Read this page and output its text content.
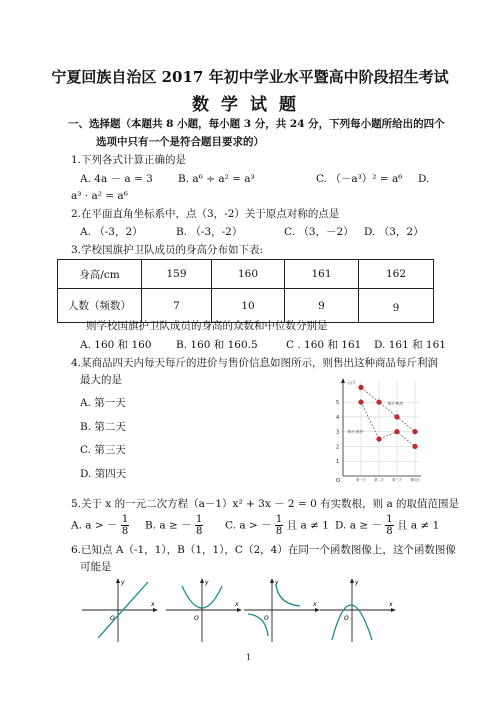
宁夏回族自治区 2017 年初中学业水平暨高中阶段招生考试
数学试题
一、选择题（本题共 8 小题，每小题 3 分，共 24 分，下列每小题所给出的四个
选项中只有一个是符合题目要求的）
1.下列各式计算正确的是
A. 4a － a = 3 B. a⁶ ÷ a² = a³	C. （－a³）² = a⁶ D.
a³ · a² = a⁶
2.在平面直角坐标系中，点（3，-2）关于原点对称的点是
A. （-3，2）	B. （-3，-2）	C. （3，－2） D. （3，2）
3.学校国旗护卫队成员的身高分布如下表:
身高/cm	159	160	161	162
人数（频数）	7	10	9	9
则学校国旗护卫队成员的身高的众数和中位数分别是
A. 160 和 160 B. 160 和 160.5	C . 160 和 161 D. 161 和 161
4.某商品四天内每天每斤的进价与售价信息如图所示，则售出这种商品每斤利润
最大的是
A. 第一天
B. 第二天
C. 第三天
D. 第四天
元/斤
O
1
2
3
4
5
第一天	第二天	第三天	第四天
每斤售价
每斤进价
5.关于 x 的一元二次方程（a－1）x² + 3x － 2 = 0 有实数根，则 a 的取值范围是
A. a > － $\frac{1}{8} B$. a ≥ － $\frac{1}{8} C$. a > － $\frac{1}{8}$ 且 a ≠ 1 D. a ≥ － $\frac{1}{8}$ 且 a ≠ 1
6.已知点 A（-1，1），B（1，1），C（2，4）在同一个函数图像上，这个函数图像
可能是
x
y
O
x
y
O
x
y
O
x
y
O
1
